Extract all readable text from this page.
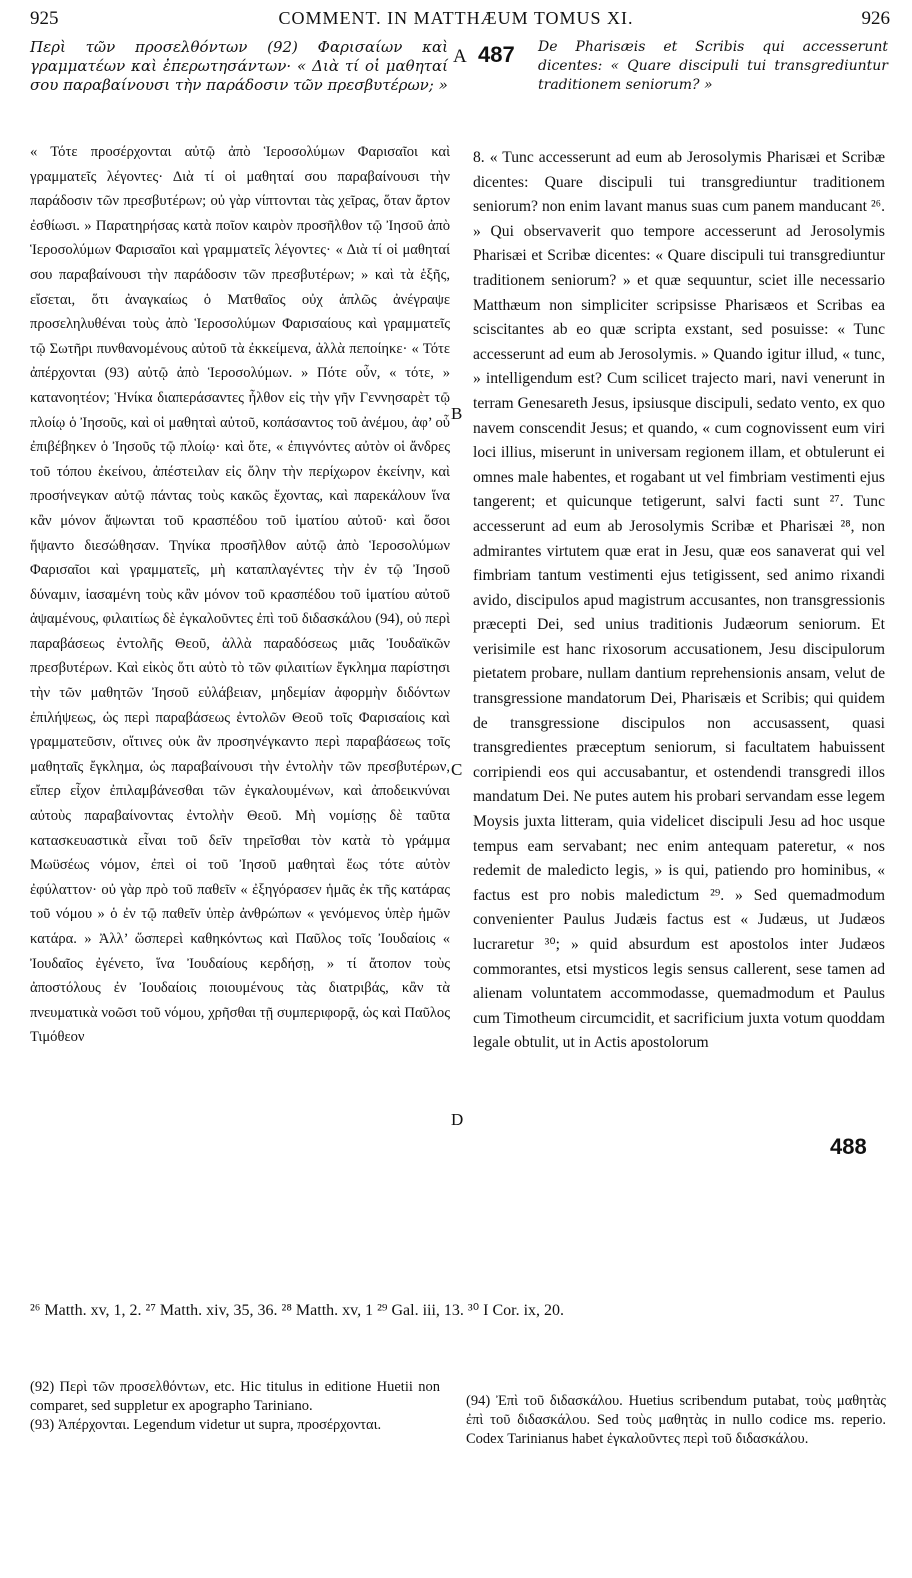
925	COMMENT. IN MATTHÆUM TOMUS XI.	926
Περὶ τῶν προσελθόντων (92) Φαρισαίων καὶ γραμματέων καὶ ἐπερωτησάντων· « Διὰ τί οἱ μαθηταί σου παραβαίνουσι τὴν παράδοσιν τῶν πρεσβυτέρων; »
A 487 De Pharisæis et Scribis qui accesserunt dicentes: « Quare discipuli tui transgrediuntur traditionem seniorum? »
« Τότε προσέρχονται αὐτῷ ἀπὸ Ἱεροσολύμων Φαρισαῖοι καὶ γραμματεῖς λέγοντες· Διὰ τί οἱ μαθηταί σου παραβαίνουσι τὴν παράδοσιν τῶν πρεσβυτέρων; οὐ γὰρ νίπτονται τὰς χεῖρας, ὅταν ἄρτον ἐσθίωσι. » Παρατηρήσας κατὰ ποῖον καιρὸν προσῆλθον τῷ Ἰησοῦ ἀπὸ Ἱεροσολύμων Φαρισαῖοι καὶ γραμματεῖς λέγοντες· « Διὰ τί οἱ μαθηταί σου παραβαίνουσι τὴν παράδοσιν τῶν πρεσβυτέρων; » καὶ τὰ ἑξῆς, εἴσεται, ὅτι ἀναγκαίως ὁ Ματθαῖος οὐχ ἁπλῶς ἀνέγραψε προσεληλυθέναι τοὺς ἀπὸ Ἱεροσολύμων Φαρισαίους καὶ γραμματεῖς τῷ Σωτῆρι πυνθανομένους αὐτοῦ τὰ ἐκκείμενα, ἀλλὰ πεποίηκε· « Τότε ἀπέρχονται (93) αὐτῷ ἀπὸ Ἱεροσολύμων. » Πότε οὖν, « τότε, » κατανοητέον; Ἡνίκα διαπεράσαντες ἦλθον εἰς τὴν γῆν Γεννησαρὲτ τῷ πλοίῳ ὁ Ἰησοῦς, καὶ οἱ μαθηταὶ αὐτοῦ, κοπάσαντος τοῦ ἀνέμου, ἀφ’ οὗ ἐπιβέβηκεν ὁ Ἰησοῦς τῷ πλοίῳ· καὶ ὅτε, « ἐπιγνόντες αὐτὸν οἱ ἄνδρες τοῦ τόπου ἐκείνου, ἀπέστειλαν εἰς ὅλην τὴν περίχωρον ἐκείνην, καὶ προσήνεγκαν αὐτῷ πάντας τοὺς κακῶς ἔχοντας, καὶ παρεκάλουν ἵνα κἂν μόνον ἅψωνται τοῦ κρασπέδου τοῦ ἱματίου αὐτοῦ· καὶ ὅσοι ἥψαντο διεσώθησαν. Τηνίκα προσῆλθον αὐτῷ ἀπὸ Ἱεροσολύμων Φαρισαῖοι καὶ γραμματεῖς, μὴ καταπλαγέντες τὴν ἐν τῷ Ἰησοῦ δύναμιν, ἰασαμένη τοὺς κἂν μόνον τοῦ κρασπέδου τοῦ ἱματίου αὐτοῦ ἁψαμένους, φιλαιτίως δὲ ἐγκαλοῦντες ἐπὶ τοῦ διδασκάλου (94), οὐ περὶ παραβάσεως ἐντολῆς Θεοῦ, ἀλλὰ παραδόσεως μιᾶς Ἰουδαϊκῶν πρεσβυτέρων. Καὶ εἰκὸς ὅτι αὐτὸ τὸ τῶν φιλαιτίων ἔγκλημα παρίστησι τὴν τῶν μαθητῶν Ἰησοῦ εὐλάβειαν, μηδεμίαν ἀφορμὴν διδόντων ἐπιλήψεως, ὡς περὶ παραβάσεως ἐντολῶν Θεοῦ τοῖς Φαρισαίοις καὶ γραμματεῦσιν, οἵτινες οὐκ ἂν προσηνέγκαντο περὶ παραβάσεως τοῖς μαθηταῖς ἔγκλημα, ὡς παραβαίνουσι τὴν ἐντολὴν τῶν πρεσβυτέρων, εἴπερ εἶχον ἐπιλαμβάνεσθαι τῶν ἐγκαλουμένων, καὶ ἀποδεικνύναι αὐτοὺς παραβαίνοντας ἐντολὴν Θεοῦ. Μὴ νομίσῃς δὲ ταῦτα κατασκευαστικὰ εἶναι τοῦ δεῖν τηρεῖσθαι τὸν κατὰ τὸ γράμμα Μωϋσέως νόμον, ἐπεὶ οἱ τοῦ Ἰησοῦ μαθηταὶ ἕως τότε αὐτὸν ἐφύλαττον· οὐ γὰρ πρὸ τοῦ παθεῖν « ἐξηγόρασεν ἡμᾶς ἐκ τῆς κατάρας τοῦ νόμου » ὁ ἐν τῷ παθεῖν ὑπὲρ ἀνθρώπων « γενόμενος ὑπὲρ ἡμῶν κατάρα. » Ἀλλ’ ὥσπερεὶ καθηκόντως καὶ Παῦλος τοῖς Ἰουδαίοις « Ἰουδαῖος ἐγένετο, ἵνα Ἰουδαίους κερδήσῃ, » τί ἄτοπον τοὺς ἀποστόλους ἐν Ἰουδαίοις ποιουμένους τὰς διατριβάς, κἂν τὰ πνευματικὰ νοῶσι τοῦ νόμου, χρῆσθαι τῇ συμπεριφορᾷ, ὡς καὶ Παῦλος Τιμόθεον
B
C
D
8. « Tunc accesserunt ad eum ab Jerosolymis Pharisæi et Scribæ dicentes: Quare discipuli tui transgrediuntur traditionem seniorum? non enim lavant manus suas cum panem manducant ²⁶. » Qui observaverit quo tempore accesserunt ad Jerosolymis Pharisæi et Scribæ dicentes: « Quare discipuli tui transgrediuntur traditionem seniorum? » et quæ sequuntur, sciet ille necessario Matthæum non simpliciter scripsisse Pharisæos et Scribas ea sciscitantes ab eo quæ scripta exstant, sed posuisse: « Tunc accesserunt ad eum ab Jerosolymis. » Quando igitur illud, « tunc, » intelligendum est? Cum scilicet trajecto mari, navi venerunt in terram Genesareth Jesus, ipsiusque discipuli, sedato vento, ex quo navem conscendit Jesus; et quando, « cum cognovissent eum viri loci illius, miserunt in universam regionem illam, et obtulerunt ei omnes male habentes, et rogabant ut vel fimbriam vestimenti ejus tangerent; et quicunque tetigerunt, salvi facti sunt ²⁷. Tunc accesserunt ad eum ab Jerosolymis Scribæ et Pharisæi ²⁸, non admirantes virtutem quæ erat in Jesu, quæ eos sanaverat qui vel fimbriam tantum vestimenti ejus tetigissent, sed animo rixandi avido, discipulos apud magistrum accusantes, non transgressionis præcepti Dei, sed unius traditionis Judæorum seniorum. Et verisimile est hanc rixosorum accusationem, Jesu discipulorum pietatem probare, nullam dantium reprehensionis ansam, velut de transgressione mandatorum Dei, Pharisæis et Scribis; qui quidem de transgressione discipulos non accusassent, quasi transgredientes præceptum seniorum, si facultatem habuissent corripiendi eos qui accusabantur, et ostendendi transgredi illos mandatum Dei. Ne putes autem his probari servandam esse legem Moysis juxta litteram, quia videlicet discipuli Jesu ad hoc usque tempus eam servabant; nec enim antequam pateretur, « nos redemit de maledicto legis, » is qui, patiendo pro hominibus, « factus est pro nobis maledictum ²⁹. » Sed quemadmodum convenienter Paulus Judæis factus est « Judæus, ut Judæos lucraretur ³⁰; » quid absurdum est apostolos inter Judæos commorantes, etsi mysticos legis sensus callerent, sese tamen ad alienam voluntatem accommodasse, quemadmodum et Paulus cum Timotheum circumcidit, et sacrificium juxta votum quoddam legale obtulit, ut in Actis apostolorum
488
²⁶ Matth. xv, 1, 2. ²⁷ Matth. xiv, 35, 36. ²⁸ Matth. xv, 1 ²⁹ Gal. iii, 13. ³⁰ I Cor. ix, 20.

(92) Περὶ τῶν προσελθόντων, etc. Hic titulus in editione Huetii non comparet, sed suppletur ex apographo Tariniano.

(93) Ἀπέρχονται. Legendum videtur ut supra, προσέρχονται.

(94) Ἐπὶ τοῦ διδασκάλου. Huetius scribendum putabat, τοὺς μαθητὰς ἐπὶ τοῦ διδασκάλου. Sed τοὺς μαθητὰς in nullo codice ms. reperio. Codex Tarinianus habet ἐγκαλοῦντες περὶ τοῦ διδασκάλου.
